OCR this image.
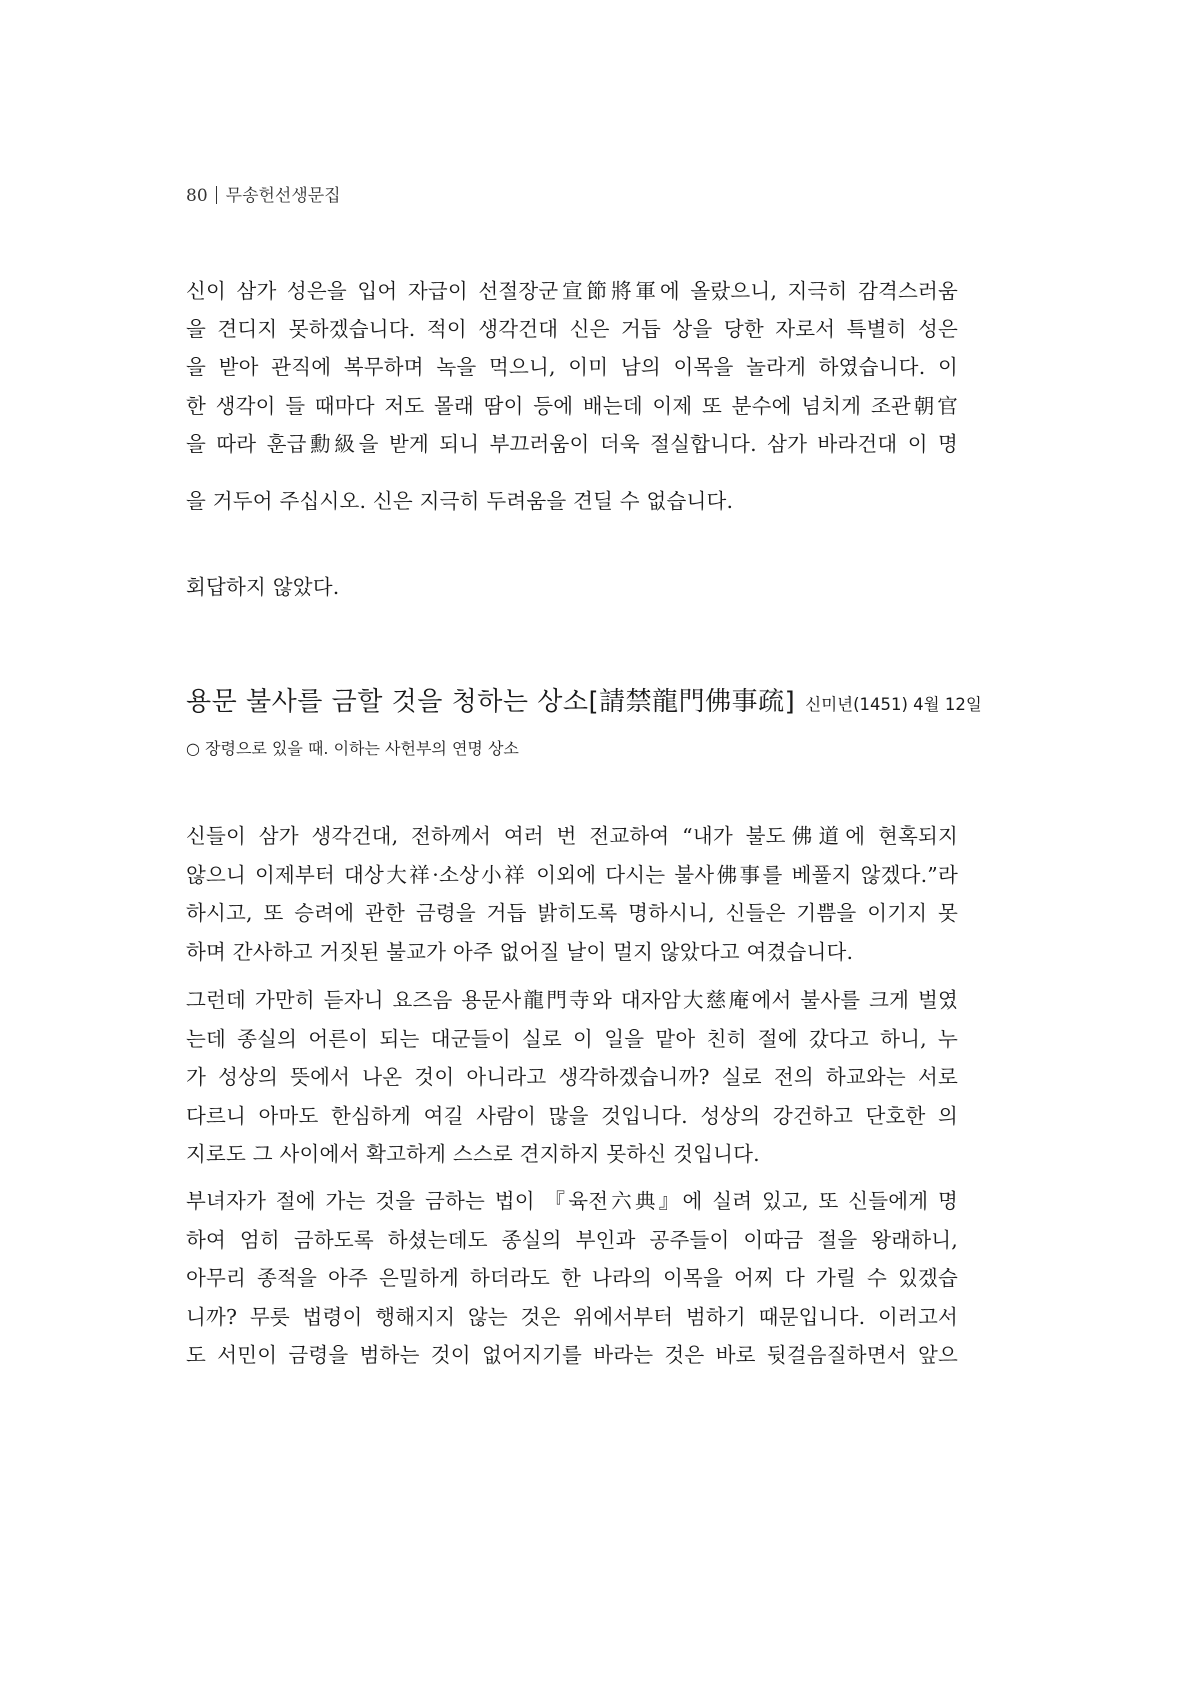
80 무송헌선생문집
신이 삼가 성은을 입어 자급이 선절장군宣節將軍에 올랐으니, 지극히 감격스러움
을 견디지 못하겠습니다. 적이 생각건대 신은 거듭 상을 당한 자로서 특별히 성은
을 받아 관직에 복무하며 녹을 먹으니, 이미 남의 이목을 놀라게 하였습니다. 이
한 생각이 들 때마다 저도 몰래 땀이 등에 배는데 이제 또 분수에 넘치게 조관朝官
을 따라 훈급勳級을 받게 되니 부끄러움이 더욱 절실합니다. 삼가 바라건대 이 명
을 거두어 주십시오. 신은 지극히 두려움을 견딜 수 없습니다.
회답하지 않았다.
용문 불사를 금할 것을 청하는 상소[請禁龍門佛事疏] 신미년(1451) 4월 12일
○ 장령으로 있을 때. 이하는 사헌부의 연명 상소
신들이 삼가 생각건대, 전하께서 여러 번 전교하여 “내가 불도佛道에 현혹되지
않으니 이제부터 대상大祥·소상小祥 이외에 다시는 불사佛事를 베풀지 않겠다.”라
하시고, 또 승려에 관한 금령을 거듭 밝히도록 명하시니, 신들은 기쁨을 이기지 못
하며 간사하고 거짓된 불교가 아주 없어질 날이 멀지 않았다고 여겼습니다.
그런데 가만히 듣자니 요즈음 용문사龍門寺와 대자암大慈庵에서 불사를 크게 벌였
는데 종실의 어른이 되는 대군들이 실로 이 일을 맡아 친히 절에 갔다고 하니, 누
가 성상의 뜻에서 나온 것이 아니라고 생각하겠습니까? 실로 전의 하교와는 서로
다르니 아마도 한심하게 여길 사람이 많을 것입니다. 성상의 강건하고 단호한 의
지로도 그 사이에서 확고하게 스스로 견지하지 못하신 것입니다.
부녀자가 절에 가는 것을 금하는 법이 『육전六典』에 실려 있고, 또 신들에게 명
하여 엄히 금하도록 하셨는데도 종실의 부인과 공주들이 이따금 절을 왕래하니,
아무리 종적을 아주 은밀하게 하더라도 한 나라의 이목을 어찌 다 가릴 수 있겠습
니까? 무릇 법령이 행해지지 않는 것은 위에서부터 범하기 때문입니다. 이러고서
도 서민이 금령을 범하는 것이 없어지기를 바라는 것은 바로 뒷걸음질하면서 앞으
